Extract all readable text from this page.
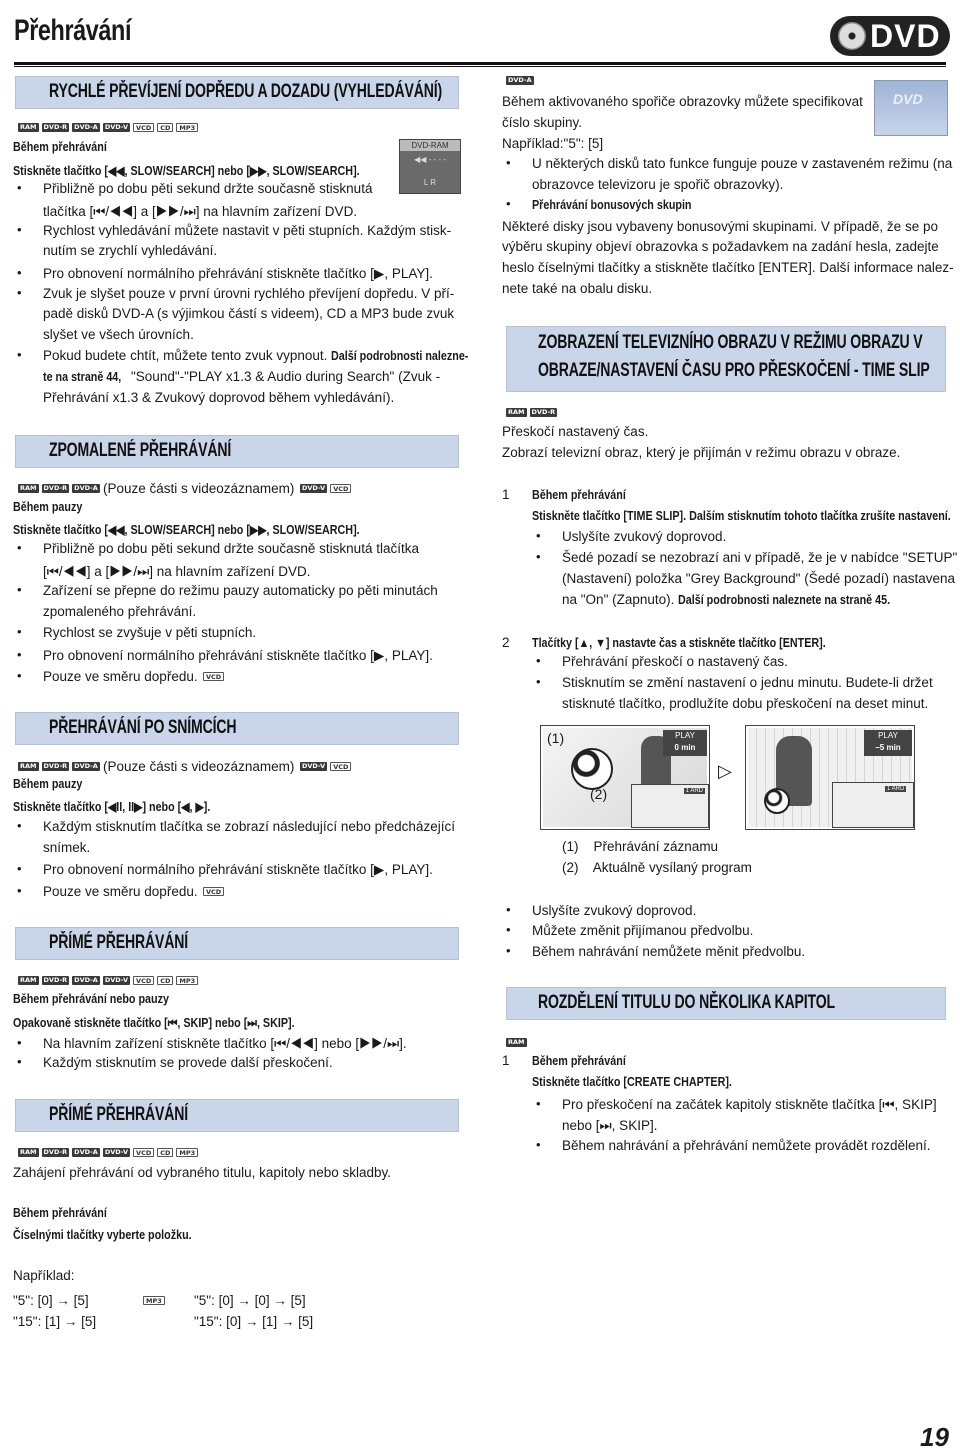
Přehrávání	DVD
RYCHLÉ PŘEVÍJENÍ DOPŘEDU A DOZADU (VYHLEDÁVÁNÍ)
RAM	DVD-R	DVD-A	DVD-V	VCD	CD	MP3
Během přehrávání
Stiskněte tlačítko [◀◀, SLOW/SEARCH] nebo [▶▶, SLOW/SEARCH].
DVD-RAM
◀◀ - - - -
L R
• Přibližně po dobu pěti sekund držte současně stisknutá
tlačítka [⏮/◀◀] a [▶▶/⏭] na hlavním zařízení DVD.
• Rychlost vyhledávání můžete nastavit v pěti stupních. Každým stisk-
nutím se zrychlí vyhledávání.
• Pro obnovení normálního přehrávání stiskněte tlačítko [▶, PLAY].
• Zvuk je slyšet pouze v první úrovni rychlého převíjení dopředu. V pří-
padě disků DVD-A (s výjimkou částí s videem), CD a MP3 bude zvuk
slyšet ve všech úrovních.
• Pokud budete chtít, můžete tento zvuk vypnout. Další podrobnosti nalezne-
te na straně 44, "Sound"-"PLAY x1.3 & Audio during Search" (Zvuk -
Přehrávání x1.3 & Zvukový doprovod během vyhledávání).
ZPOMALENÉ PŘEHRÁVÁNÍ
RAM	DVD-R	DVD-A (Pouze části s videozáznamem)	DVD-V	VCD
Během pauzy
Stiskněte tlačítko [◀◀, SLOW/SEARCH] nebo [▶▶, SLOW/SEARCH].
• Přibližně po dobu pěti sekund držte současně stisknutá tlačítka
[⏮/◀◀] a [▶▶/⏭] na hlavním zařízení DVD.
• Zařízení se přepne do režimu pauzy automaticky po pěti minutách
zpomaleného přehrávání.
• Rychlost se zvyšuje v pěti stupních.
• Pro obnovení normálního přehrávání stiskněte tlačítko [▶, PLAY].
• Pouze ve směru dopředu.	VCD
PŘEHRÁVÁNÍ PO SNÍMCÍCH
RAM	DVD-R	DVD-A (Pouze části s videozáznamem)	DVD-V	VCD
Během pauzy
Stiskněte tlačítko [◀II, II▶] nebo [◀, ▶].
• Každým stisknutím tlačítka se zobrazí následující nebo předcházející
snímek.
• Pro obnovení normálního přehrávání stiskněte tlačítko [▶, PLAY].
• Pouze ve směru dopředu.	VCD
PŘÍMÉ PŘEHRÁVÁNÍ
RAM	DVD-R	DVD-A	DVD-V	VCD	CD	MP3
Během přehrávání nebo pauzy
Opakovaně stiskněte tlačítko [⏮, SKIP] nebo [⏭, SKIP].
• Na hlavním zařízení stiskněte tlačítko [⏮/◀◀] nebo [▶▶/⏭].
• Každým stisknutím se provede další přeskočení.
PŘÍMÉ PŘEHRÁVÁNÍ
RAM	DVD-R	DVD-A	DVD-V	VCD	CD	MP3
Zahájení přehrávání od vybraného titulu, kapitoly nebo skladby.
Během přehrávání
Číselnými tlačítky vyberte položku.
Například:
"5": [0] → [5]	MP3 "5": [0] → [0] → [5]
"15": [1] → [5]	"15": [0] → [1] → [5]
DVD-A
DVD
Během aktivovaného spořiče obrazovky můžete specifikovat
číslo skupiny.
Například:"5": [5]
• U některých disků tato funkce funguje pouze v zastaveném režimu (na
obrazovce televizoru je spořič obrazovky).
• Přehrávání bonusových skupin
Některé disky jsou vybaveny bonusovými skupinami. V případě, že se po
výběru skupiny objeví obrazovka s požadavkem na zadání hesla, zadejte
heslo číselnými tlačítky a stiskněte tlačítko [ENTER]. Další informace nalez-
nete také na obalu disku.
ZOBRAZENÍ TELEVIZNÍHO OBRAZU V REŽIMU OBRAZU V
OBRAZE/NASTAVENÍ ČASU PRO PŘESKOČENÍ - TIME SLIP
RAM	DVD-R
Přeskočí nastavený čas.
Zobrazí televizní obraz, který je přijímán v režimu obrazu v obraze.
1 Během přehrávání
Stiskněte tlačítko [TIME SLIP]. Dalším stisknutím tohoto tlačítka zrušíte nastavení.
• Uslyšíte zvukový doprovod.
• Šedé pozadí se nezobrazí ani v případě, že je v nabídce "SETUP"
(Nastavení) položka "Grey Background" (Šedé pozadí) nastavena
na "On" (Zapnuto). Další podrobnosti naleznete na straně 45.
2 Tlačítky [▲, ▼] nastavte čas a stiskněte tlačítko [ENTER].
• Přehrávání přeskočí o nastavený čas.
• Stisknutím se změní nastavení o jednu minutu. Budete-li držet
stisknuté tlačítko, prodlužíte dobu přeskočení na deset minut.
(1)	PLAY
0 min
(2)	1 ARD
▷
PLAY
–5 min
1 ARD
(1)    Přehrávání záznamu
(2)    Aktuálně vysílaný program
• Uslyšíte zvukový doprovod.
• Můžete změnit přijímanou předvolbu.
• Během nahrávání nemůžete měnit předvolbu.
ROZDĚLENÍ TITULU DO NĚKOLIKA KAPITOL
RAM
1 Během přehrávání
Stiskněte tlačítko [CREATE CHAPTER].
• Pro přeskočení na začátek kapitoly stiskněte tlačítka [⏮, SKIP]
nebo [⏭, SKIP].
• Během nahrávání a přehrávání nemůžete provádět rozdělení.
19
